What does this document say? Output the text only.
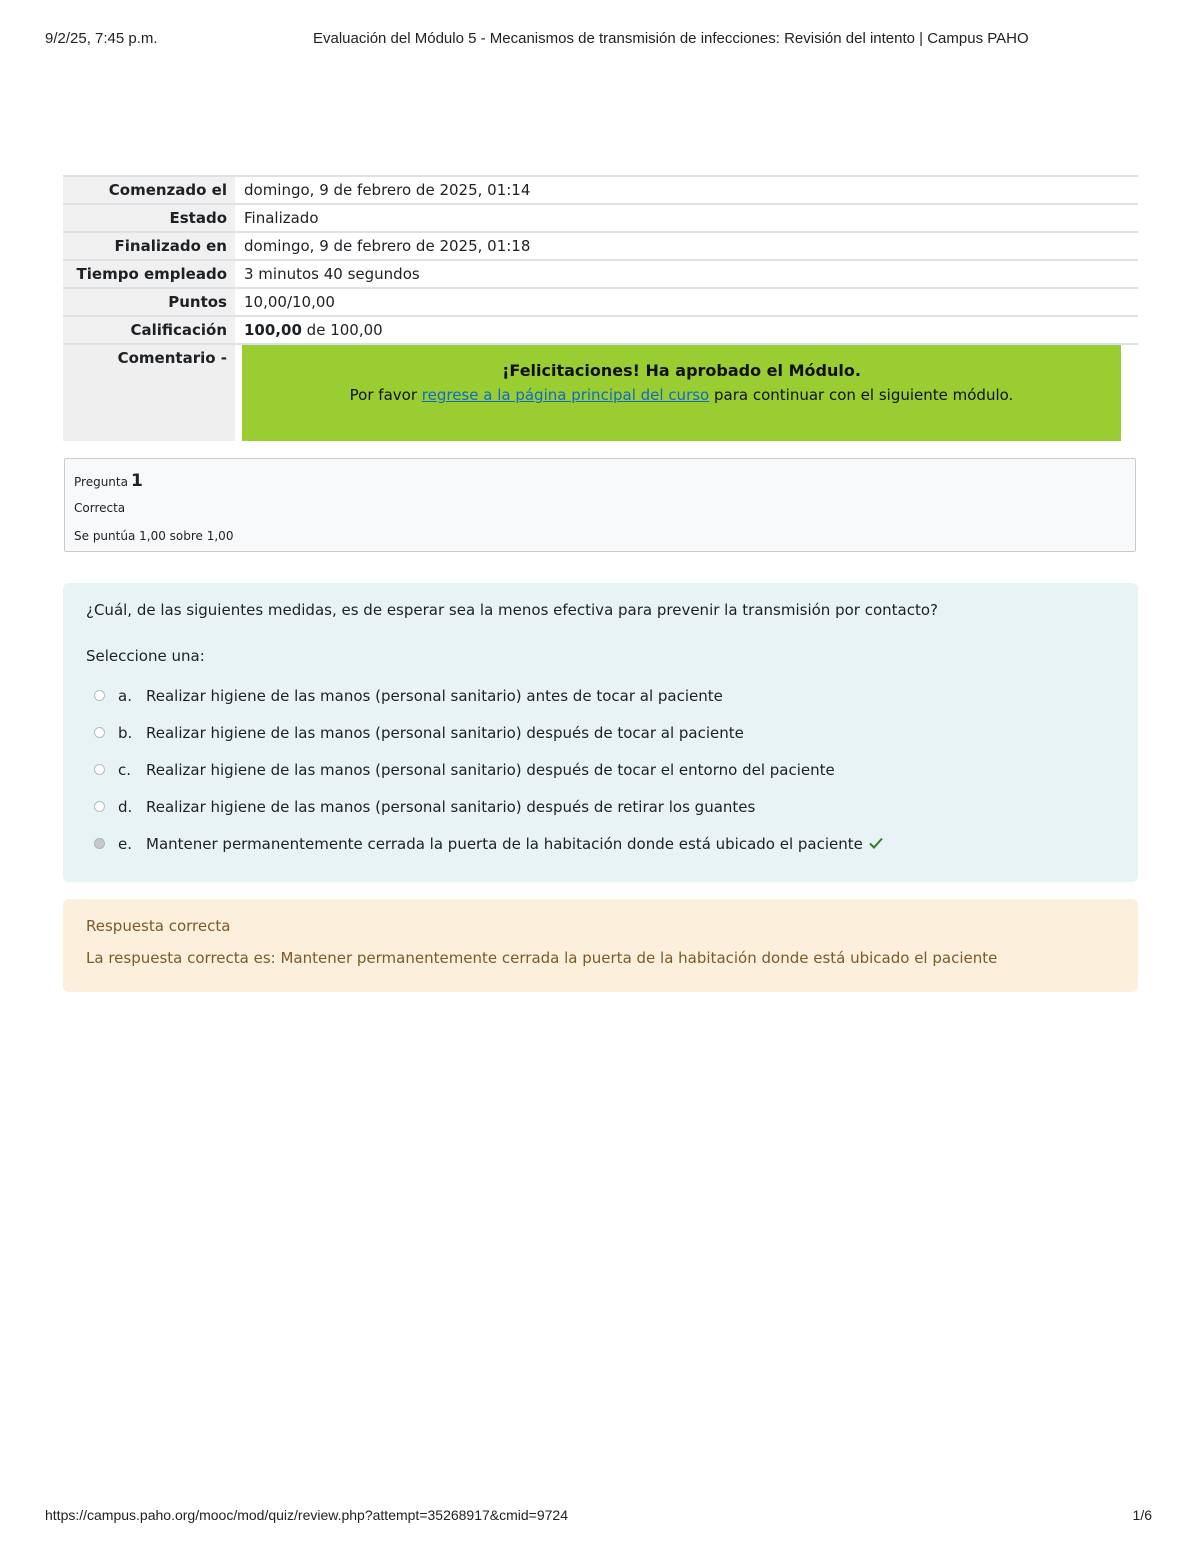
9/2/25, 7:45 p.m.	Evaluación del Módulo 5 - Mecanismos de transmisión de infecciones: Revisión del intento | Campus PAHO
Comenzado el	domingo, 9 de febrero de 2025, 01:14
Estado	Finalizado
Finalizado en	domingo, 9 de febrero de 2025, 01:18
Tiempo empleado	3 minutos 40 segundos
Puntos	10,00/10,00
Calificación	100,00 de 100,00
Comentario -	¡Felicitaciones! Ha aprobado el Módulo.
Por favor regrese a la página principal del curso para continuar con el siguiente módulo.
Pregunta 1
Correcta
Se puntúa 1,00 sobre 1,00
¿Cuál, de las siguientes medidas, es de esperar sea la menos efectiva para prevenir la transmisión por contacto?
Seleccione una:
a. Realizar higiene de las manos (personal sanitario) antes de tocar al paciente
b. Realizar higiene de las manos (personal sanitario) después de tocar al paciente
c. Realizar higiene de las manos (personal sanitario) después de tocar el entorno del paciente
d. Realizar higiene de las manos (personal sanitario) después de retirar los guantes
e. Mantener permanentemente cerrada la puerta de la habitación donde está ubicado el paciente
Respuesta correcta
La respuesta correcta es: Mantener permanentemente cerrada la puerta de la habitación donde está ubicado el paciente
https://campus.paho.org/mooc/mod/quiz/review.php?attempt=35268917&cmid=9724	1/6
